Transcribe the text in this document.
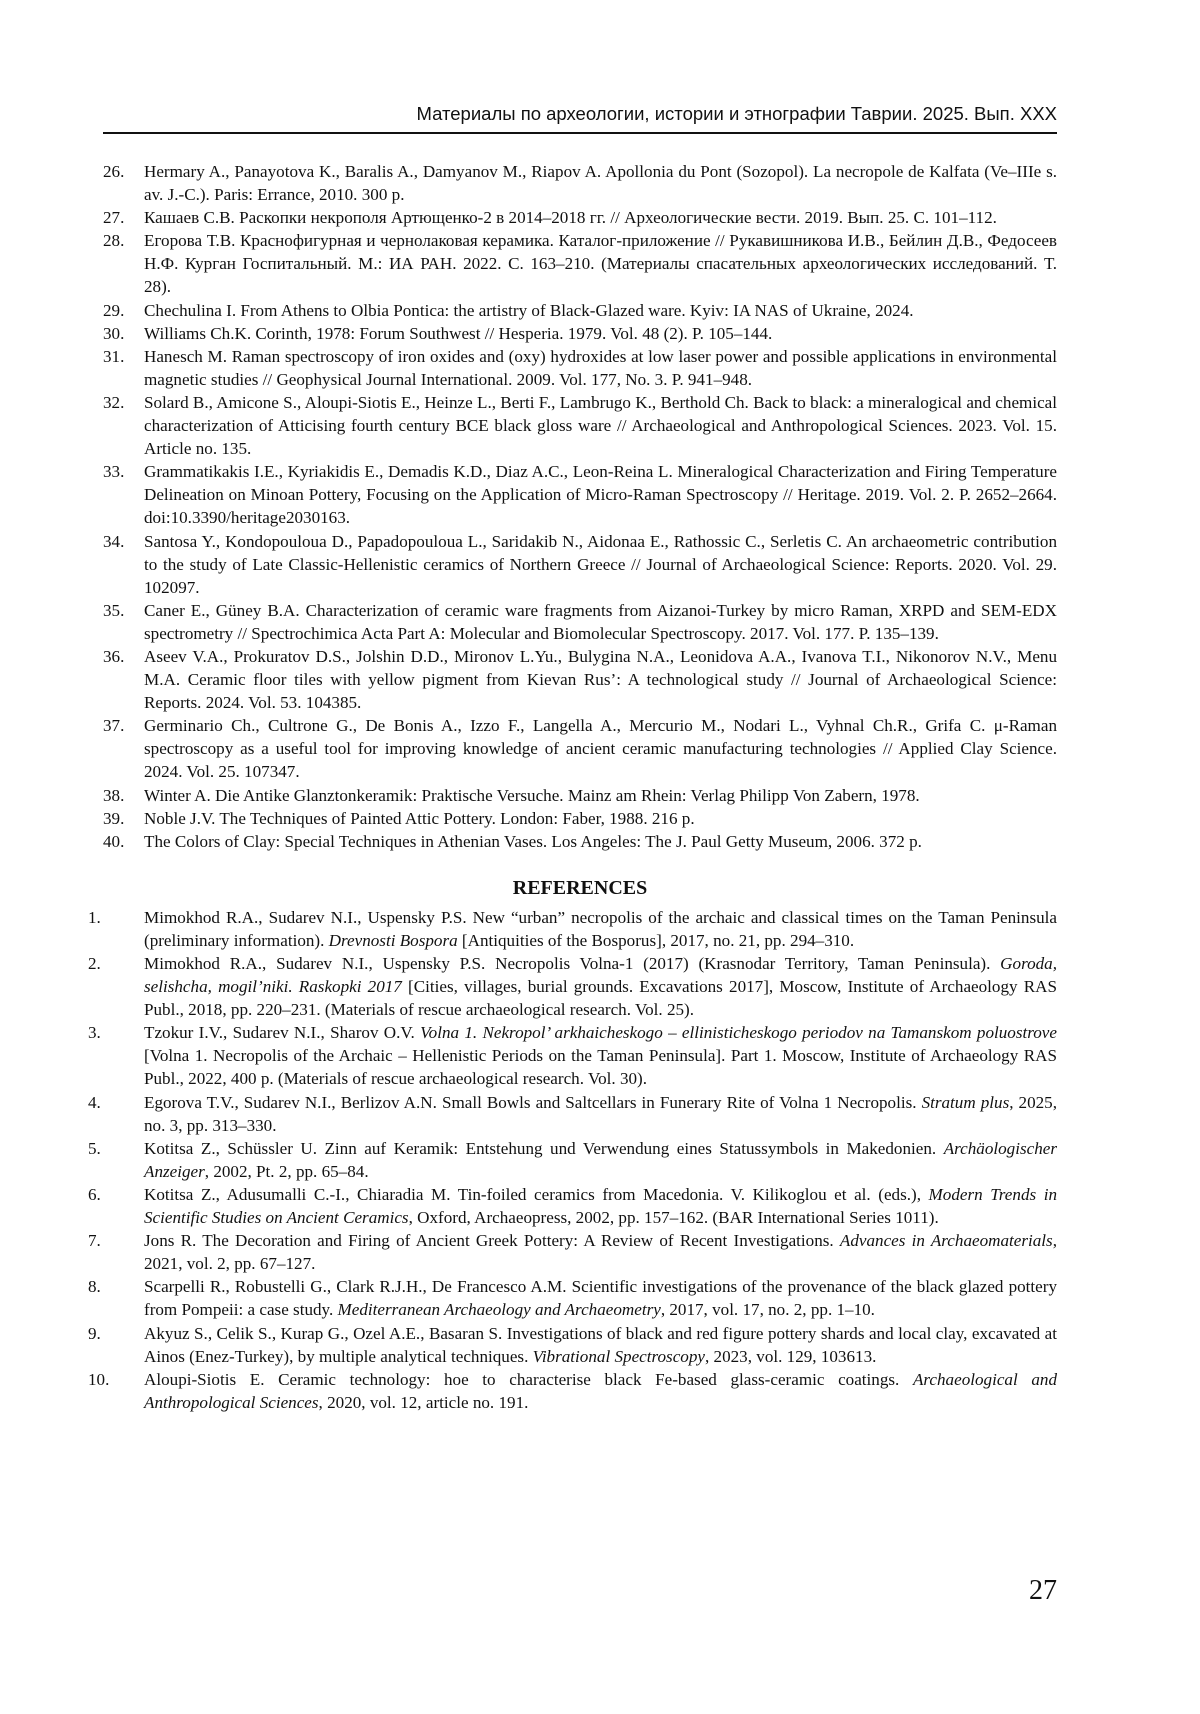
Материалы по археологии, истории и этнографии Таврии. 2025. Вып. XXX
26. Hermary A., Panayotova K., Baralis A., Damyanov M., Riapov A. Apollonia du Pont (Sozopol). La necropole de Kalfata (Ve–IIIe s. av. J.-C.). Paris: Errance, 2010. 300 p.
27. Кашаев С.В. Раскопки некрополя Артющенко-2 в 2014–2018 гг. // Археологические вести. 2019. Вып. 25. С. 101–112.
28. Егорова Т.В. Краснофигурная и чернолаковая керамика. Каталог-приложение // Рукавишникова И.В., Бейлин Д.В., Федосеев Н.Ф. Курган Госпитальный. М.: ИА РАН. 2022. С. 163–210. (Материалы спасательных археологических исследований. Т. 28).
29. Chechulina I. From Athens to Olbia Pontica: the artistry of Black-Glazed ware. Kyiv: IA NAS of Ukraine, 2024.
30. Williams Ch.K. Corinth, 1978: Forum Southwest // Hesperia. 1979. Vol. 48 (2). P. 105–144.
31. Hanesch M. Raman spectroscopy of iron oxides and (oxy) hydroxides at low laser power and possible applications in environmental magnetic studies // Geophysical Journal International. 2009. Vol. 177, No. 3. P. 941–948.
32. Solard B., Amicone S., Aloupi-Siotis E., Heinze L., Berti F., Lambrugo K., Berthold Ch. Back to black: a mineralogical and chemical characterization of Atticising fourth century BCE black gloss ware // Archaeological and Anthropological Sciences. 2023. Vol. 15. Article no. 135.
33. Grammatikakis I.E., Kyriakidis E., Demadis K.D., Diaz A.C., Leon-Reina L. Mineralogical Characterization and Firing Temperature Delineation on Minoan Pottery, Focusing on the Application of Micro-Raman Spectroscopy // Heritage. 2019. Vol. 2. P. 2652–2664. doi:10.3390/heritage2030163.
34. Santosa Y., Kondopouloua D., Papadopouloua L., Saridakib N., Aidonaa E., Rathossic C., Serletis C. An archaeometric contribution to the study of Late Classic-Hellenistic ceramics of Northern Greece // Journal of Archaeological Science: Reports. 2020. Vol. 29. 102097.
35. Caner E., Güney B.A. Characterization of ceramic ware fragments from Aizanoi-Turkey by micro Raman, XRPD and SEM-EDX spectrometry // Spectrochimica Acta Part A: Molecular and Biomolecular Spectroscopy. 2017. Vol. 177. P. 135–139.
36. Aseev V.A., Prokuratov D.S., Jolshin D.D., Mironov L.Yu., Bulygina N.A., Leonidova A.A., Ivanova T.I., Nikonorov N.V., Menu M.A. Ceramic floor tiles with yellow pigment from Kievan Rus’: A technological study // Journal of Archaeological Science: Reports. 2024. Vol. 53. 104385.
37. Germinario Ch., Cultrone G., De Bonis A., Izzo F., Langella A., Mercurio M., Nodari L., Vyhnal Ch.R., Grifa C. μ-Raman spectroscopy as a useful tool for improving knowledge of ancient ceramic manufacturing technologies // Applied Clay Science. 2024. Vol. 25. 107347.
38. Winter A. Die Antike Glanztonkeramik: Praktische Versuche. Mainz am Rhein: Verlag Philipp Von Zabern, 1978.
39. Noble J.V. The Techniques of Painted Attic Pottery. London: Faber, 1988. 216 p.
40. The Colors of Clay: Special Techniques in Athenian Vases. Los Angeles: The J. Paul Getty Museum, 2006. 372 p.
REFERENCES
1.	Mimokhod R.A., Sudarev N.I., Uspensky P.S. New “urban” necropolis of the archaic and classical times on the Taman Peninsula (preliminary information). Drevnosti Bospora [Antiquities of the Bosporus], 2017, no. 21, pp. 294–310.
2.	Mimokhod R.A., Sudarev N.I., Uspensky P.S. Necropolis Volna-1 (2017) (Krasnodar Territory, Taman Peninsula). Goroda, selishcha, mogil’niki. Raskopki 2017 [Cities, villages, burial grounds. Excavations 2017], Moscow, Institute of Archaeology RAS Publ., 2018, pp. 220–231. (Materials of rescue archaeological research. Vol. 25).
3.	Tzokur I.V., Sudarev N.I., Sharov O.V. Volna 1. Nekropol’ arkhaicheskogo – ellinisticheskogo periodov na Tamanskom poluostrove [Volna 1. Necropolis of the Archaic – Hellenistic Periods on the Taman Peninsula]. Part 1. Moscow, Institute of Archaeology RAS Publ., 2022, 400 p. (Materials of rescue archaeological research. Vol. 30).
4.	Egorova T.V., Sudarev N.I., Berlizov A.N. Small Bowls and Saltcellars in Funerary Rite of Volna 1 Necropolis. Stratum plus, 2025, no. 3, pp. 313–330.
5.	Kotitsa Z., Schüssler U. Zinn auf Keramik: Entstehung und Verwendung eines Statussymbols in Makedonien. Archäologischer Anzeiger, 2002, Pt. 2, pp. 65–84.
6.	Kotitsa Z., Adusumalli C.-I., Chiaradia M. Tin-foiled ceramics from Macedonia. V. Kilikoglou et al. (eds.), Modern Trends in Scientific Studies on Ancient Ceramics, Oxford, Archaeopress, 2002, pp. 157–162. (BAR International Series 1011).
7.	Jons R. The Decoration and Firing of Ancient Greek Pottery: A Review of Recent Investigations. Advances in Archaeomaterials, 2021, vol. 2, pp. 67–127.
8.	Scarpelli R., Robustelli G., Clark R.J.H., De Francesco A.M. Scientific investigations of the provenance of the black glazed pottery from Pompeii: a case study. Mediterranean Archaeology and Archaeometry, 2017, vol. 17, no. 2, pp. 1–10.
9.	Akyuz S., Celik S., Kurap G., Ozel A.E., Basaran S. Investigations of black and red figure pottery shards and local clay, excavated at Ainos (Enez-Turkey), by multiple analytical techniques. Vibrational Spectroscopy, 2023, vol. 129, 103613.
10. Aloupi-Siotis E. Ceramic technology: hoe to characterise black Fe-based glass-ceramic coatings. Archaeological and Anthropological Sciences, 2020, vol. 12, article no. 191.
27
